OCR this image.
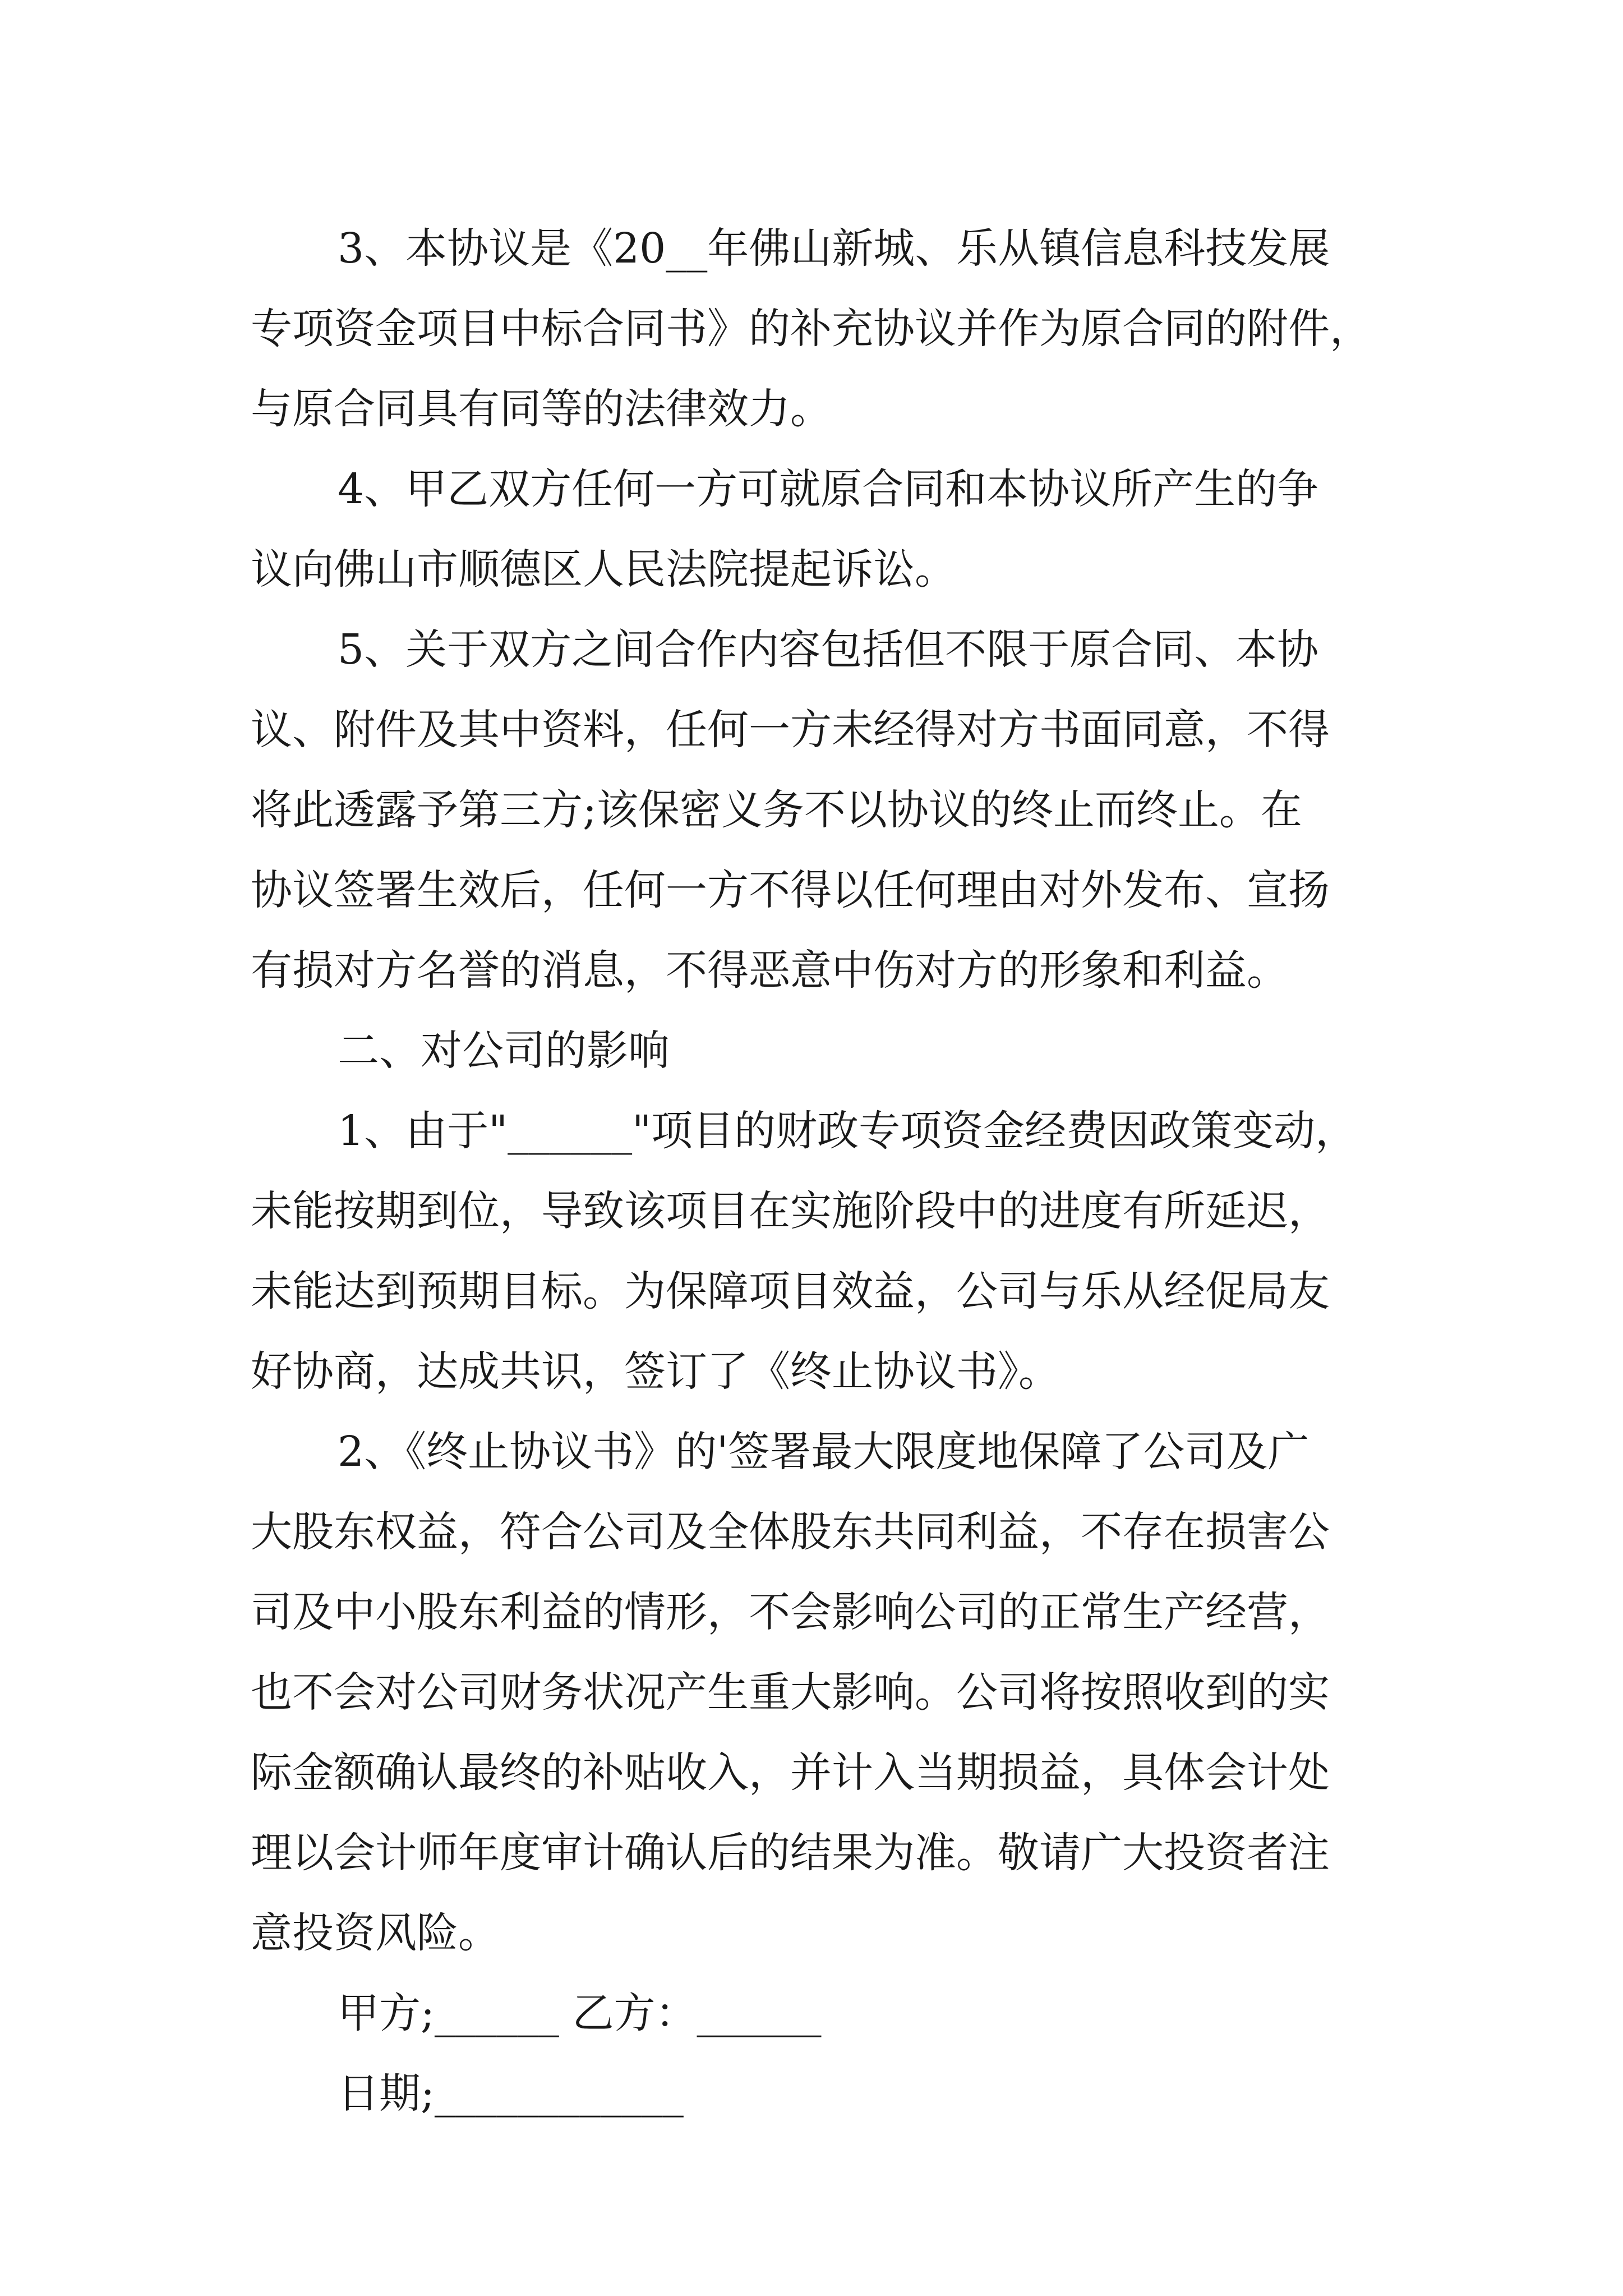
3、本协议是《20__年佛山新城、乐从镇信息科技发展
专项资金项目中标合同书》的补充协议并作为原合同的附件，
与原合同具有同等的法律效力。
4、甲乙双方任何一方可就原合同和本协议所产生的争
议向佛山市顺德区人民法院提起诉讼。
5、关于双方之间合作内容包括但不限于原合同、本协
议、附件及其中资料，任何一方未经得对方书面同意，不得
将此透露予第三方;该保密义务不以协议的终止而终止。在
协议签署生效后，任何一方不得以任何理由对外发布、宣扬
有损对方名誉的消息，不得恶意中伤对方的形象和利益。
二、对公司的影响
1、由于"______"项目的财政专项资金经费因政策变动，
未能按期到位，导致该项目在实施阶段中的进度有所延迟，
未能达到预期目标。为保障项目效益，公司与乐从经促局友
好协商，达成共识，签订了《终止协议书》。
2、《终止协议书》的'签署最大限度地保障了公司及广
大股东权益，符合公司及全体股东共同利益，不存在损害公
司及中小股东利益的情形，不会影响公司的正常生产经营，
也不会对公司财务状况产生重大影响。公司将按照收到的实
际金额确认最终的补贴收入，并计入当期损益，具体会计处
理以会计师年度审计确认后的结果为准。敬请广大投资者注
意投资风险。
甲方;______ 乙方：______
日期;____________
